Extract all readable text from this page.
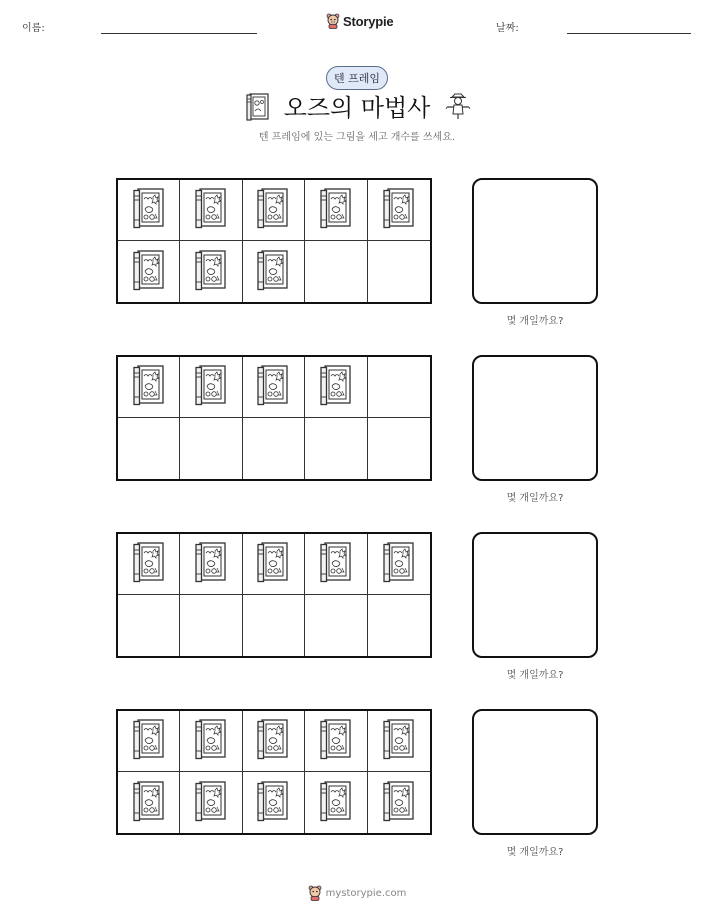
이름:	Storypie	날짜:
텐 프레임
오즈의 마법사
텐 프레임에 있는 그림을 세고 개수를 쓰세요.
몇 개일까요?
몇 개일까요?
몇 개일까요?
몇 개일까요?
mystorypie.com
